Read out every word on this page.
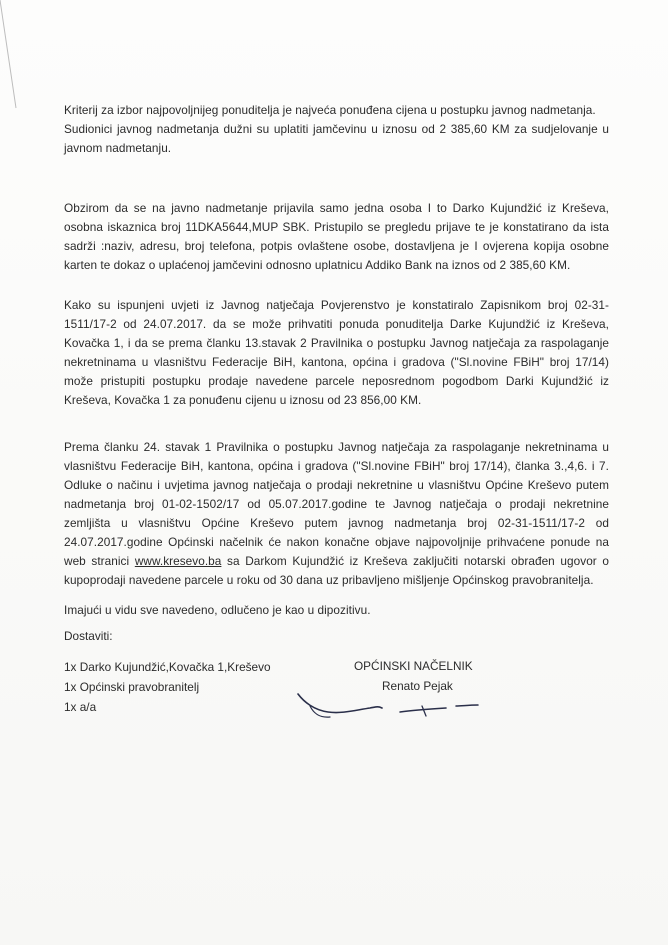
Kriterij za izbor najpovoljnijeg ponuditelja je najveća ponuđena cijena u postupku javnog nadmetanja.

Sudionici javnog nadmetanja dužni su uplatiti jamčevinu u iznosu od 2 385,60 KM za sudjelovanje u javnom nadmetanju.

Obzirom da se na javno nadmetanje prijavila samo jedna osoba I to Darko Kujundžić iz Kreševa, osobna iskaznica broj 11DKA5644,MUP SBK. Pristupilo se pregledu prijave te je konstatirano da ista sadrži :naziv, adresu, broj telefona, potpis ovlaštene osobe, dostavljena je I ovjerena kopija osobne karten te dokaz o uplaćenoj jamčevini odnosno uplatnicu Addiko Bank na iznos od 2 385,60 KM.

Kako su ispunjeni uvjeti iz Javnog natječaja Povjerenstvo je konstatiralo Zapisnikom broj 02-31-1511/17-2 od 24.07.2017. da se može prihvatiti ponuda ponuditelja Darke Kujundžić iz Kreševa, Kovačka 1, i da se prema članku 13.stavak 2 Pravilnika o postupku Javnog natječaja za raspolaganje nekretninama u vlasništvu Federacije BiH, kantona, općina i gradova ("Sl.novine FBiH" broj 17/14) može pristupiti postupku prodaje navedene parcele neposrednom pogodbom Darki Kujundžić iz Kreševa, Kovačka 1 za ponuđenu cijenu u iznosu od 23 856,00 KM.

Prema članku 24. stavak 1 Pravilnika o postupku Javnog natječaja za raspolaganje nekretninama u vlasništvu Federacije BiH, kantona, općina i gradova ("Sl.novine FBiH" broj 17/14), članka 3.,4,6. i 7. Odluke o načinu i uvjetima javnog natječaja o prodaji nekretnine u vlasništvu Općine Kreševo putem nadmetanja broj 01-02-1502/17 od 05.07.2017.godine te Javnog natječaja o prodaji nekretnine zemljišta u vlasništvu Općine Kreševo putem javnog nadmetanja broj 02-31-1511/17-2 od 24.07.2017.godine Općinski načelnik će nakon konačne objave najpovoljnije prihvaćene ponude na web stranici www.kresevo.ba sa Darkom Kujundžić iz Kreševa zaključiti notarski obrađen ugovor o kupoprodaji navedene parcele u roku od 30 dana uz pribavljeno mišljenje Općinskog pravobranitelja.

Imajući u vidu sve navedeno, odlučeno je kao u dipozitivu.

Dostaviti:
1x Darko Kujundžić,Kovačka 1,Kreševo
1x Općinski pravobranitelj
1x a/a
OPĆINSKI NAČELNIK
Renato Pejak
